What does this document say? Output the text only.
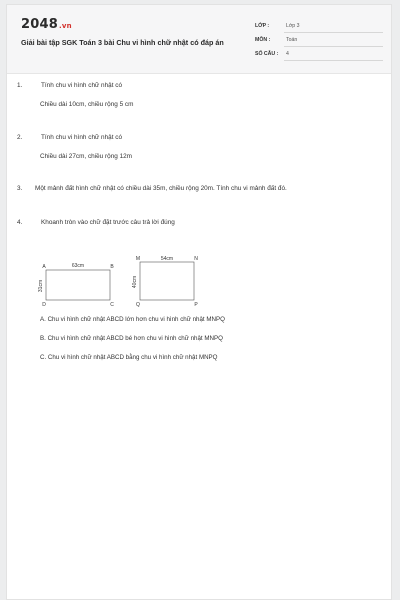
2048.vn
Giải bài tập SGK Toán 3 bài Chu vi hình chữ nhật có đáp án
LỚP :	Lớp 3
MÔN :	Toán
SỐ CÂU :	4
1.	Tính chu vi hình chữ nhật có
Chiều dài 10cm, chiều rộng 5 cm
2.	Tính chu vi hình chữ nhật có
Chiều dài 27cm, chiều rộng 12m
3. Một mảnh đất hình chữ nhật có chiều dài 35m, chiều rộng 20m. Tính chu vi mảnh đất đó.
4.	Khoanh tròn vào chữ đặt trước câu trả lời đúng
A	B
C
D
63cm
31cm
M	N
P
Q
54cm
40cm
A. Chu vi hình chữ nhật ABCD lớn hơn chu vi hình chữ nhật MNPQ
B. Chu vi hình chữ nhật ABCD bé hơn chu vi hình chữ nhật MNPQ
C. Chu vi hình chữ nhật ABCD bằng chu vi hình chữ nhật MNPQ
